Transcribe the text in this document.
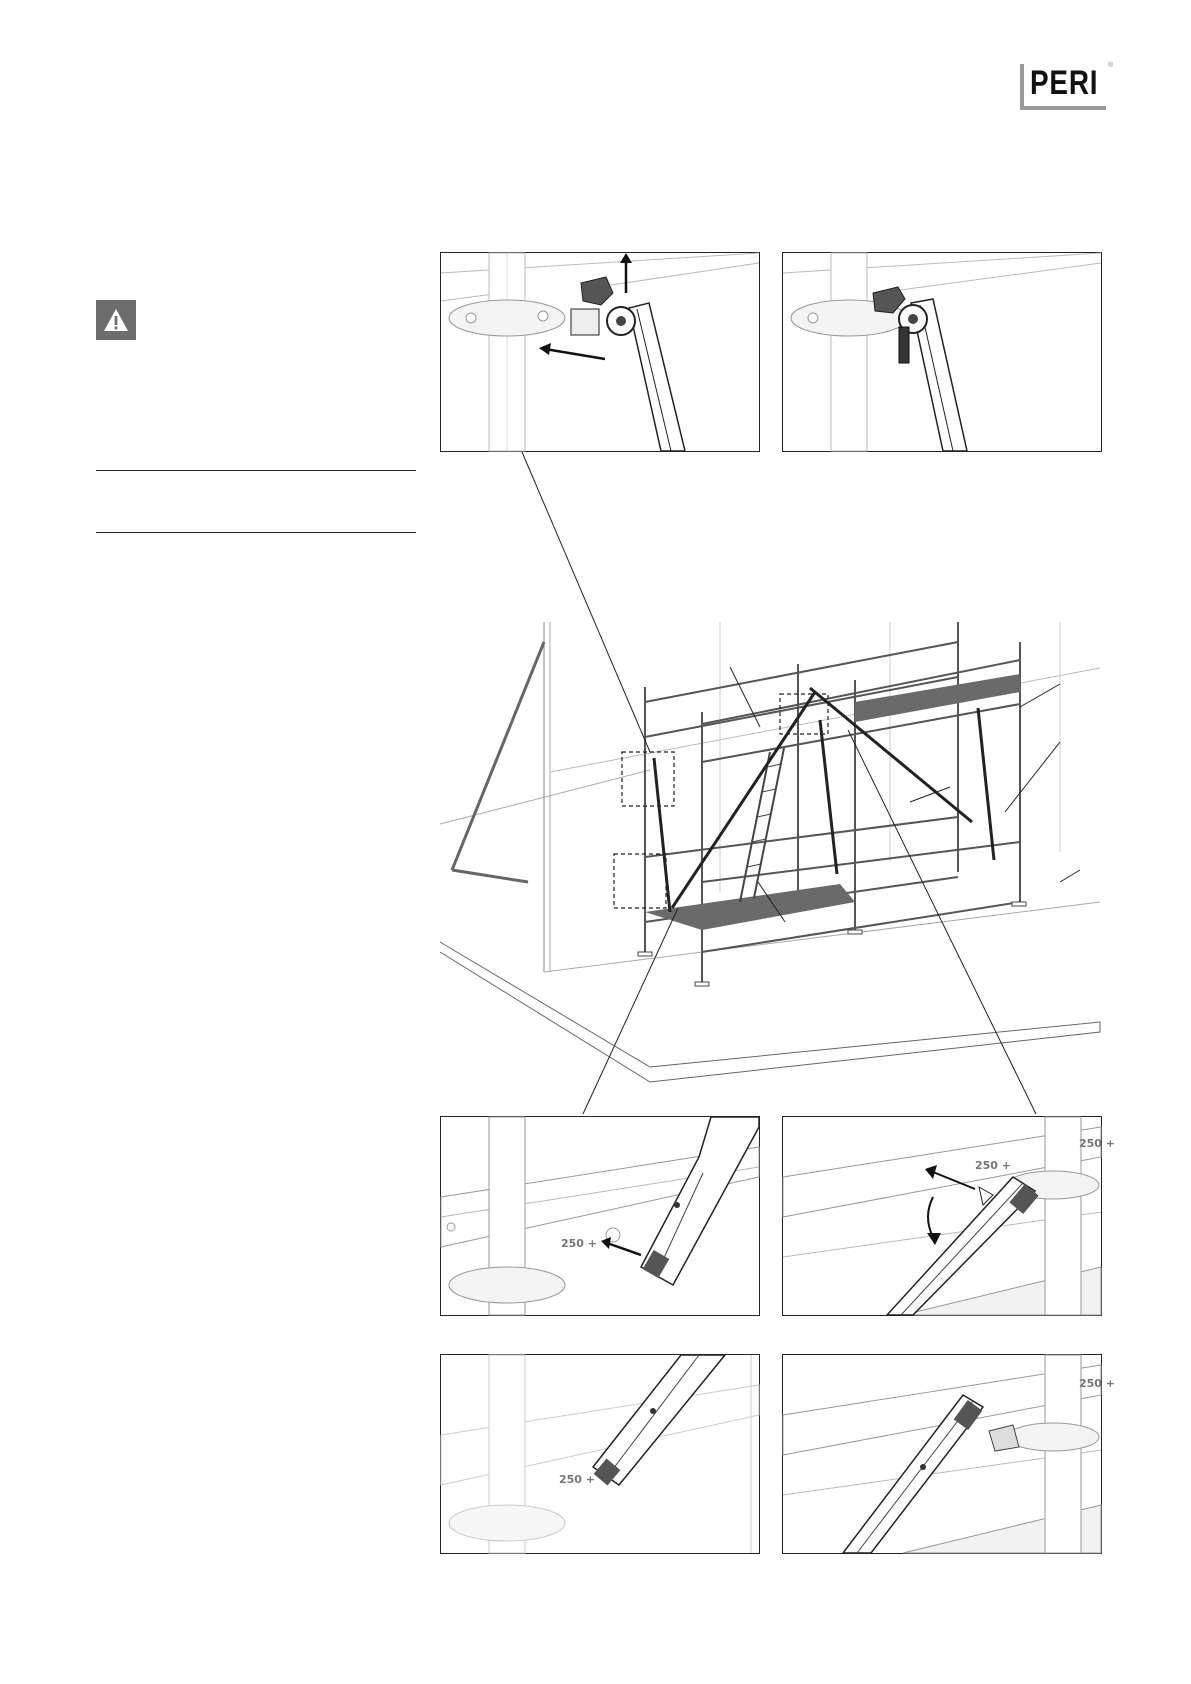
PERI ®
250 +
250 +
250 +
250 +
250 +
